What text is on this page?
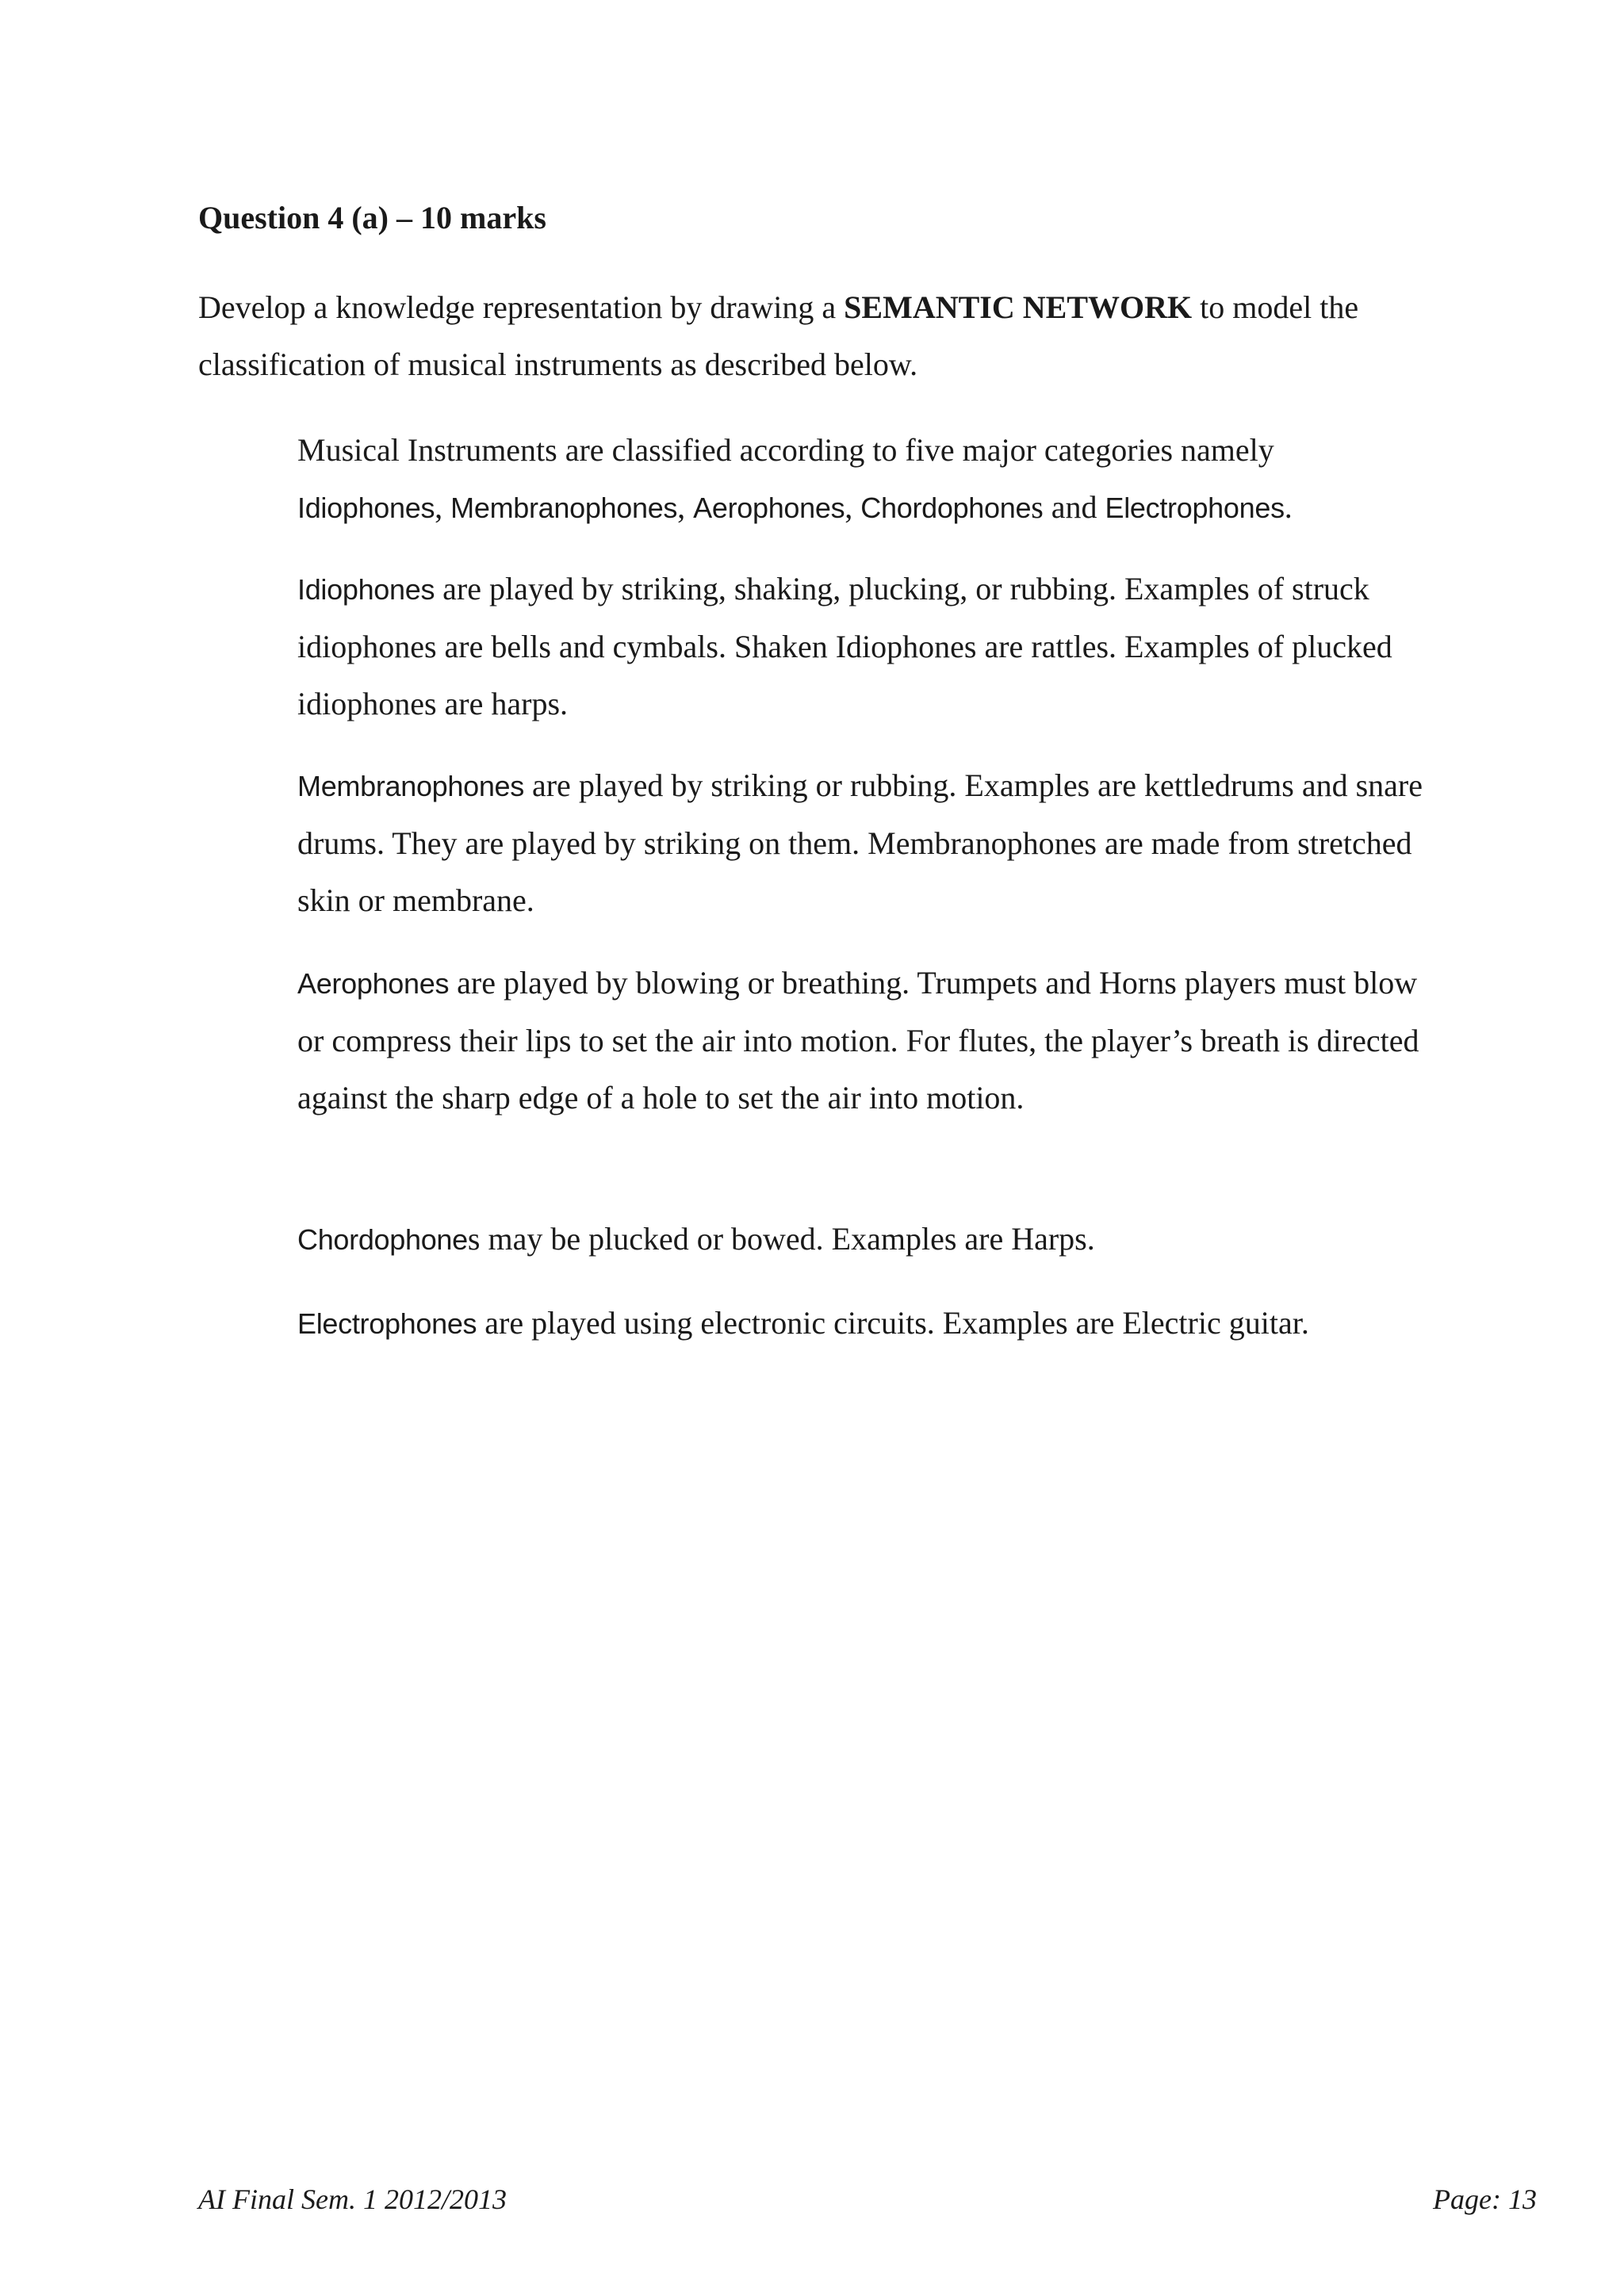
Question 4 (a) – 10 marks

Develop a knowledge representation by drawing a SEMANTIC NETWORK to model the classification of musical instruments as described below.

Musical Instruments are classified according to five major categories namely Idiophones, Membranophones, Aerophones, Chordophones and Electrophones.

Idiophones are played by striking, shaking, plucking, or rubbing. Examples of struck idiophones are bells and cymbals. Shaken Idiophones are rattles. Examples of plucked idiophones are harps.

Membranophones are played by striking or rubbing. Examples are kettledrums and snare drums. They are played by striking on them. Membranophones are made from stretched skin or membrane.

Aerophones are played by blowing or breathing. Trumpets and Horns players must blow or compress their lips to set the air into motion. For flutes, the player’s breath is directed against the sharp edge of a hole to set the air into motion.

Chordophones may be plucked or bowed. Examples are Harps.

Electrophones are played using electronic circuits. Examples are Electric guitar.

AI Final Sem. 1 2012/2013	Page: 13
